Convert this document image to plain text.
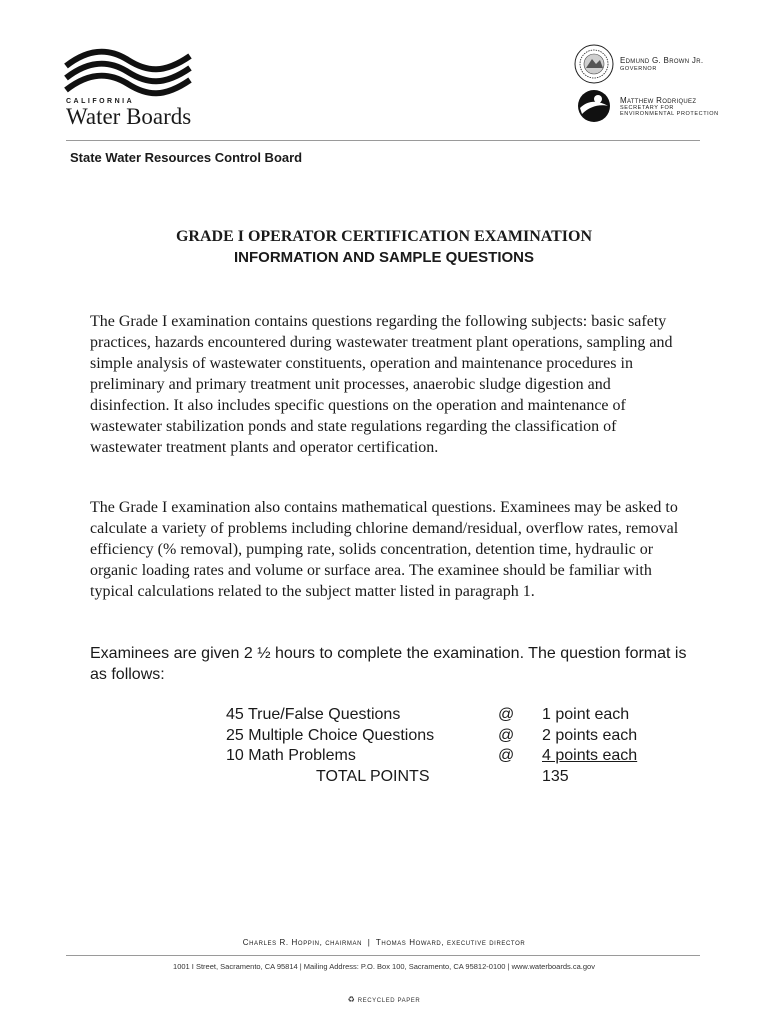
CALIFORNIA
Water Boards
Edmund G. Brown Jr.
GOVERNOR
Matthew Rodriquez
SECRETARY FOR
ENVIRONMENTAL PROTECTION
State Water Resources Control Board
GRADE I OPERATOR CERTIFICATION EXAMINATION
INFORMATION AND SAMPLE QUESTIONS

The Grade I examination contains questions regarding the following subjects: basic safety practices, hazards encountered during wastewater treatment plant operations, sampling and simple analysis of wastewater constituents, operation and maintenance procedures in preliminary and primary treatment unit processes, anaerobic sludge digestion and disinfection. It also includes specific questions on the operation and maintenance of wastewater stabilization ponds and state regulations regarding the classification of wastewater treatment plants and operator certification.

The Grade I examination also contains mathematical questions. Examinees may be asked to calculate a variety of problems including chlorine demand/residual, overflow rates, removal efficiency (% removal), pumping rate, solids concentration, detention time, hydraulic or organic loading rates and volume or surface area. The examinee should be familiar with typical calculations related to the subject matter listed in paragraph 1.

Examinees are given 2 ½ hours to complete the examination. The question format is as follows:

45 True/False Questions	@ 1 point each
25 Multiple Choice Questions	@ 2 points each
10 Math Problems	@ 4 points each
TOTAL POINTS	135
Charles R. Hoppin, chairman | Thomas Howard, executive director
1001 I Street, Sacramento, CA 95814 | Mailing Address: P.O. Box 100, Sacramento, CA 95812-0100 | www.waterboards.ca.gov
♻ RECYCLED PAPER
